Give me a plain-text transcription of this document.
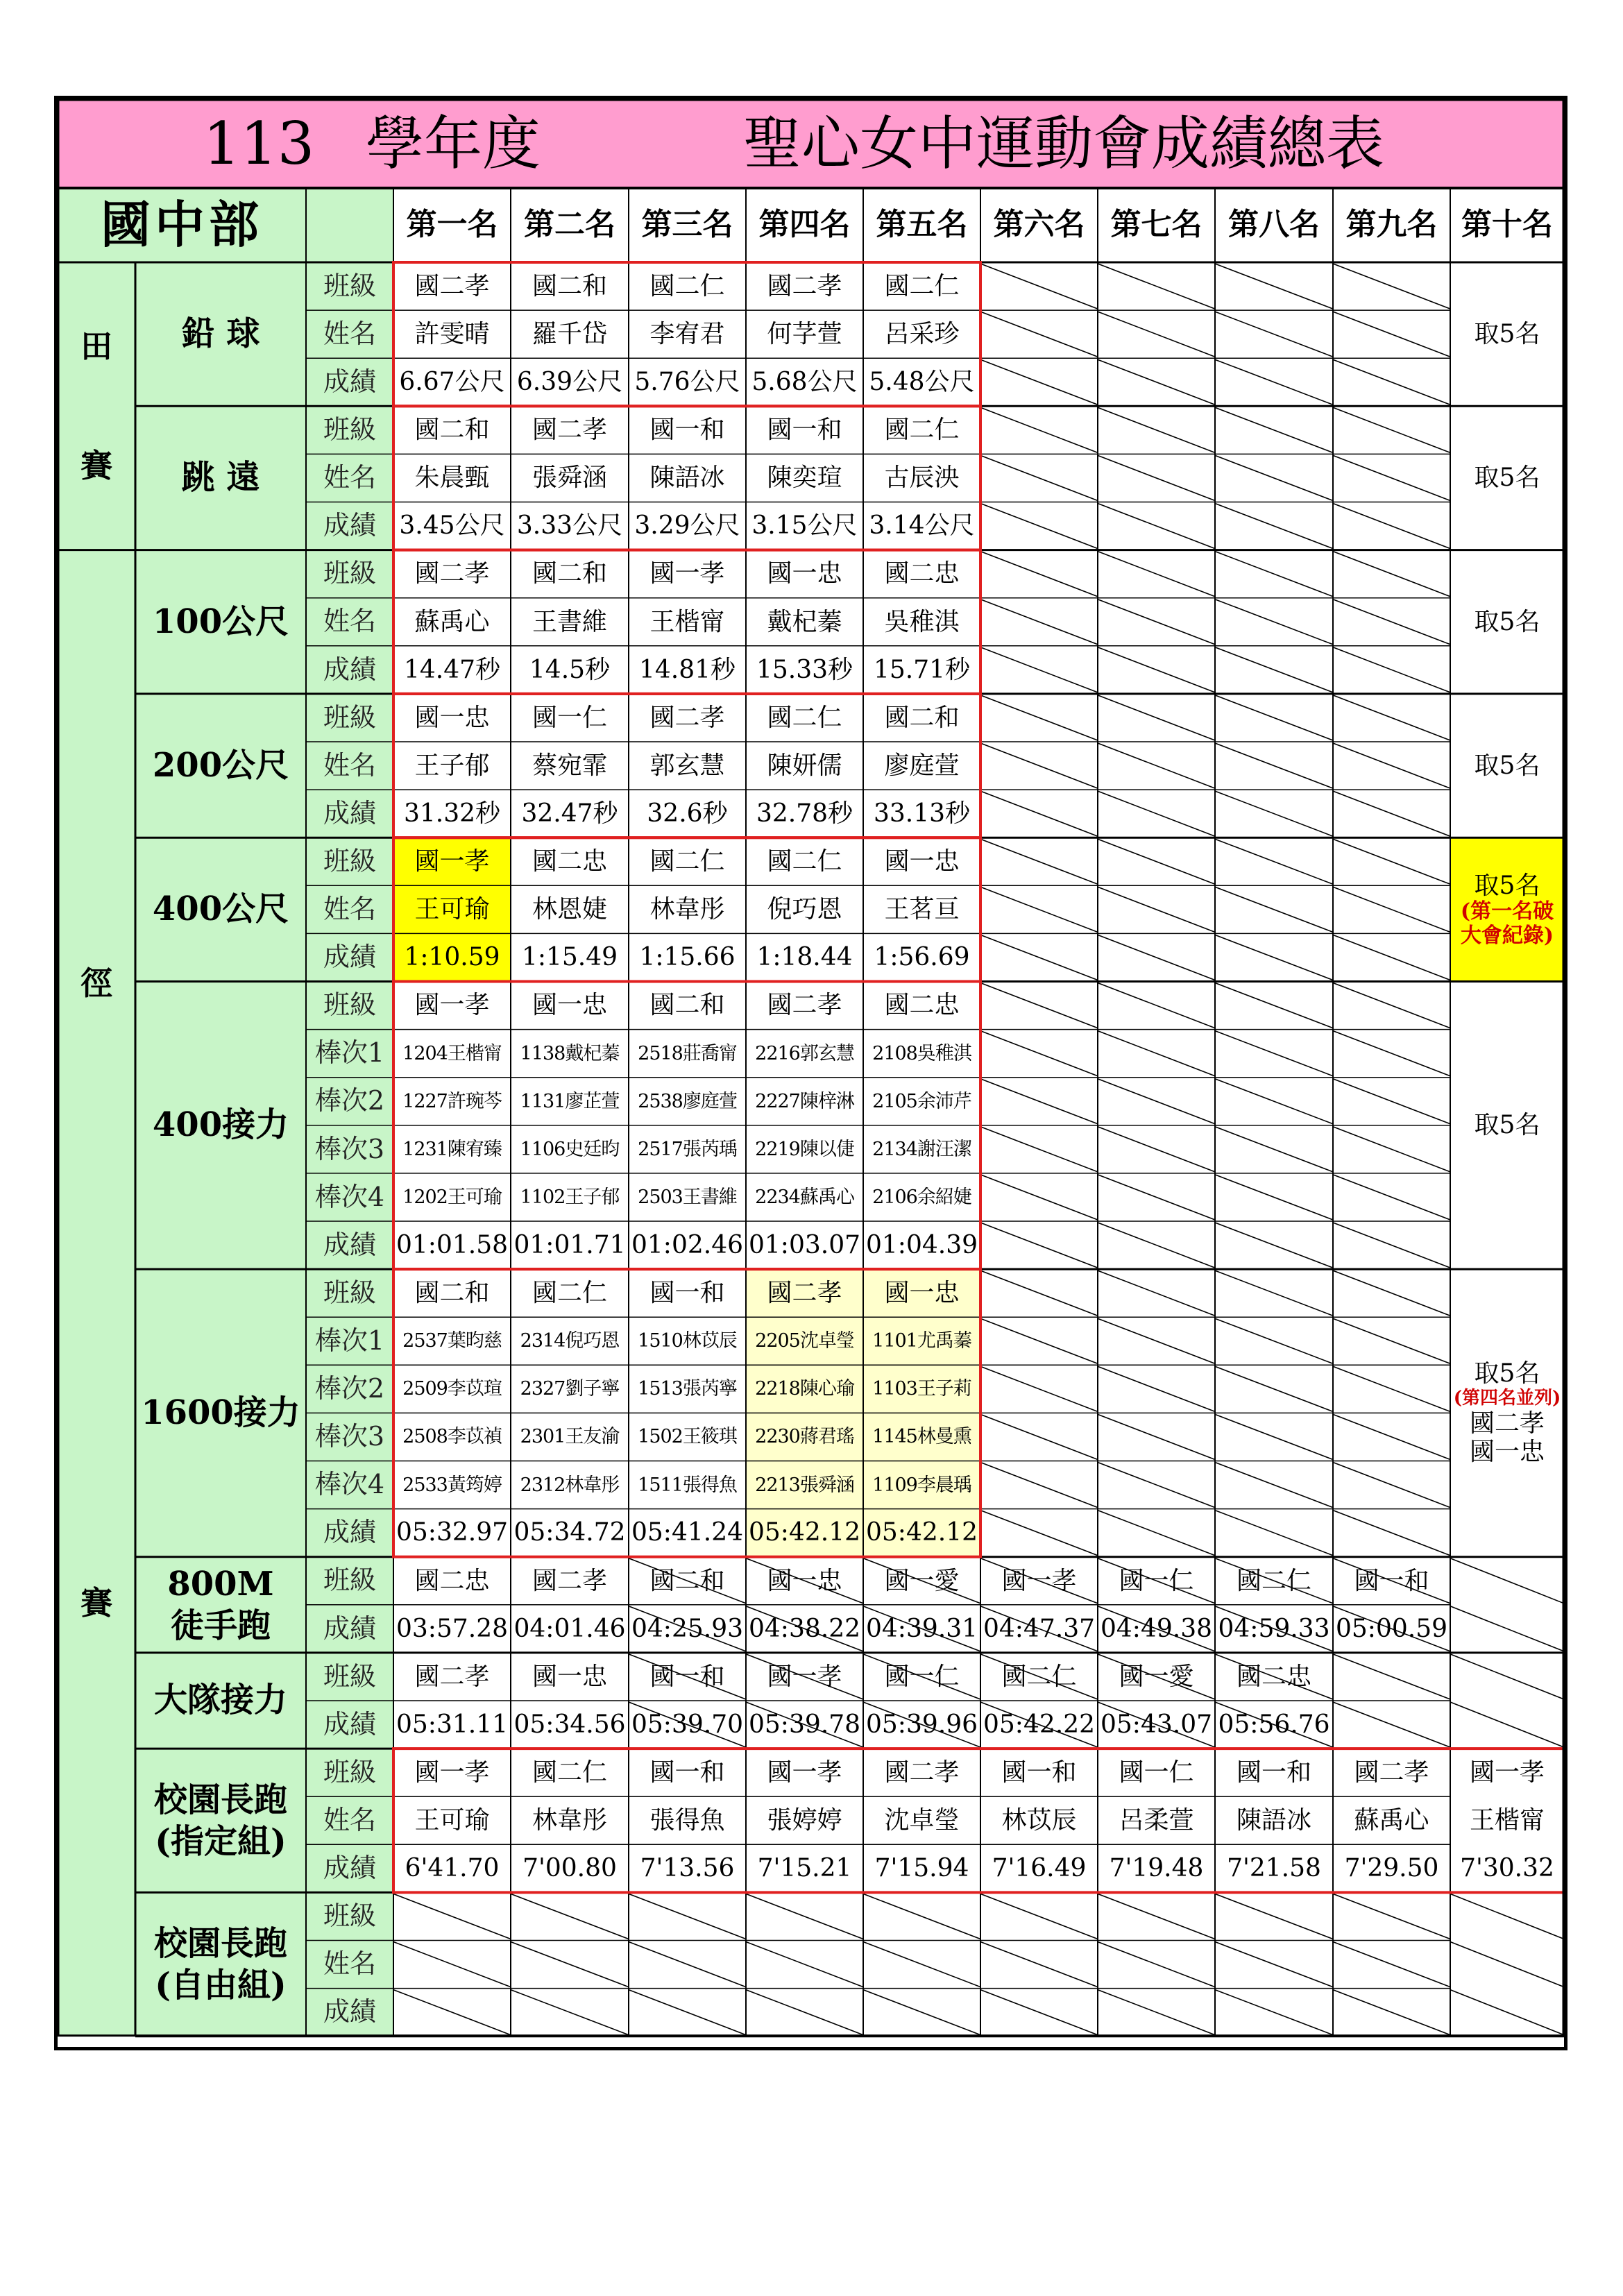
113 學年度	聖心女中運動會成績總表
國中部	第一名 第二名 第三名 第四名 第五名 第六名 第七名 第八名 第九名 第十名
田賽
徑賽
鉛 球
班級	國二孝	國二和	國二仁	國二孝	國二仁
姓名	許雯晴	羅千岱	李宥君	何芓萱	呂采珍
成績 6.67公尺 6.39公尺 5.76公尺 5.68公尺 5.48公尺
取5名
跳 遠
班級	國二和	國二孝	國一和	國一和	國二仁
姓名	朱晨甄	張舜涵	陳語冰	陳奕瑄	古辰泱
成績 3.45公尺 3.33公尺 3.29公尺 3.15公尺 3.14公尺
取5名
100公尺
班級	國二孝	國二和	國一孝	國一忠	國二忠
姓名	蘇禹心	王書維	王楷甯	戴杞蓁	吳稚淇
成績	14.47秒	14.5秒	14.81秒 15.33秒 15.71秒
取5名
200公尺
班級	國一忠	國一仁	國二孝	國二仁	國二和
姓名	王子郁	蔡宛霏	郭玄慧	陳妍儒	廖庭萱
成績	31.32秒 32.47秒	32.6秒	32.78秒 33.13秒
取5名
400公尺
班級	國一孝	國二忠	國二仁	國二仁	國一忠
姓名	王可瑜	林恩婕	林韋彤	倪巧恩	王茗亘
成績	1:10.59 1:15.49 1:15.66 1:18.44 1:56.69
取5名
(第一名破大會紀錄)
400接力
班級	國一孝	國一忠	國二和	國二孝	國二忠
棒次1 1204王楷甯 1138戴杞蓁 2518莊喬甯 2216郭玄慧 2108吳稚淇
棒次2 1227許琬芩 1131廖芷萱 2538廖庭萱 2227陳梓淋 2105余沛芹
棒次3 1231陳宥臻 1106史廷昀 2517張芮瑀 2219陳以倢 2134謝汪潔
棒次4 1202王可瑜 1102王子郁 2503王書維 2234蘇禹心 2106余紹婕
成績 01:01.58 01:01.71 01:02.46 01:03.07 01:04.39
取5名
1600接力
班級	國二和	國二仁	國一和	國二孝	國一忠
棒次1 2537葉昀慈 2314倪巧恩 1510林苡辰 2205沈卓瑩 1101尤禹蓁
棒次2 2509李苡瑄 2327劉子寧 1513張芮寧 2218陳心瑜 1103王子莉
棒次3 2508李苡禎 2301王友渝 1502王筱琪 2230蔣君瑤 1145林曼熏
棒次4 2533黃筠婷 2312林韋彤 1511張得魚 2213張舜涵 1109李晨瑀
成績 05:32.97 05:34.72 05:41.24 05:42.12 05:42.12
取5名
(第四名並列)
國二孝
國一忠
800M
徒手跑
班級	國二忠	國二孝	國二和	國一忠	國一愛	國一孝	國一仁	國二仁	國一和
成績 03:57.28 04:01.46 04:25.93 04:38.22 04:39.31 04:47.37 04:49.38 04:59.33 05:00.59
大隊接力
班級	國二孝	國一忠	國一和	國一孝	國一仁	國二仁	國一愛	國二忠
成績 05:31.11 05:34.56 05:39.70 05:39.78 05:39.96 05:42.22 05:43.07 05:56.76
校園長跑
(指定組)
班級	國一孝	國二仁	國一和	國一孝	國二孝	國一和	國一仁	國一和	國二孝	國一孝
姓名	王可瑜	林韋彤	張得魚	張婷婷	沈卓瑩	林苡辰	呂柔萱	陳語冰	蘇禹心	王楷甯
成績	6'41.70 7'00.80 7'13.56 7'15.21 7'15.94 7'16.49 7'19.48 7'21.58 7'29.50 7'30.32
校園長跑
(自由組)
班級
姓名
成績
